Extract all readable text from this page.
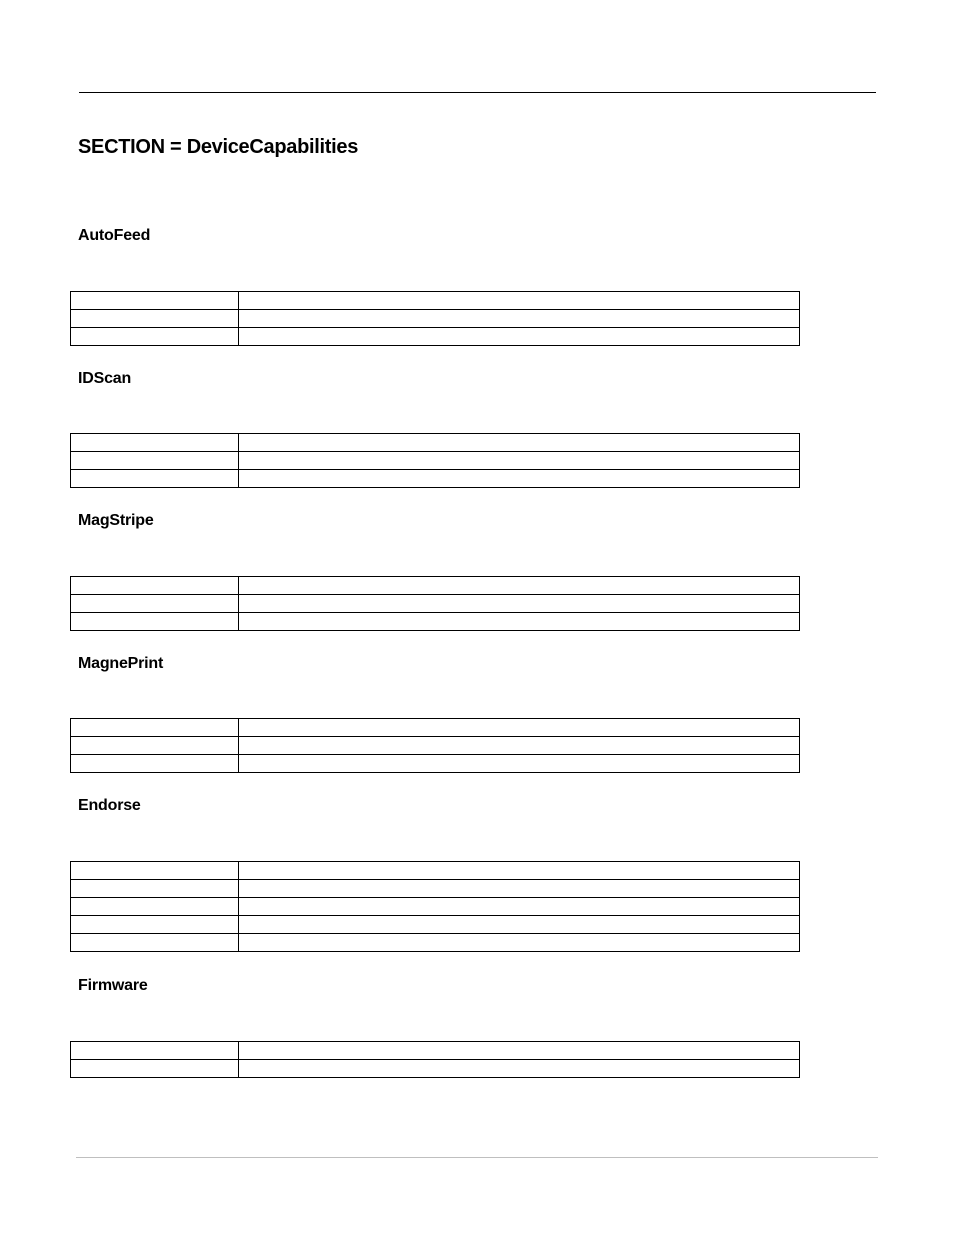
SECTION = DeviceCapabilities
AutoFeed

IDScan

MagStripe

MagnePrint

Endorse

Firmware
